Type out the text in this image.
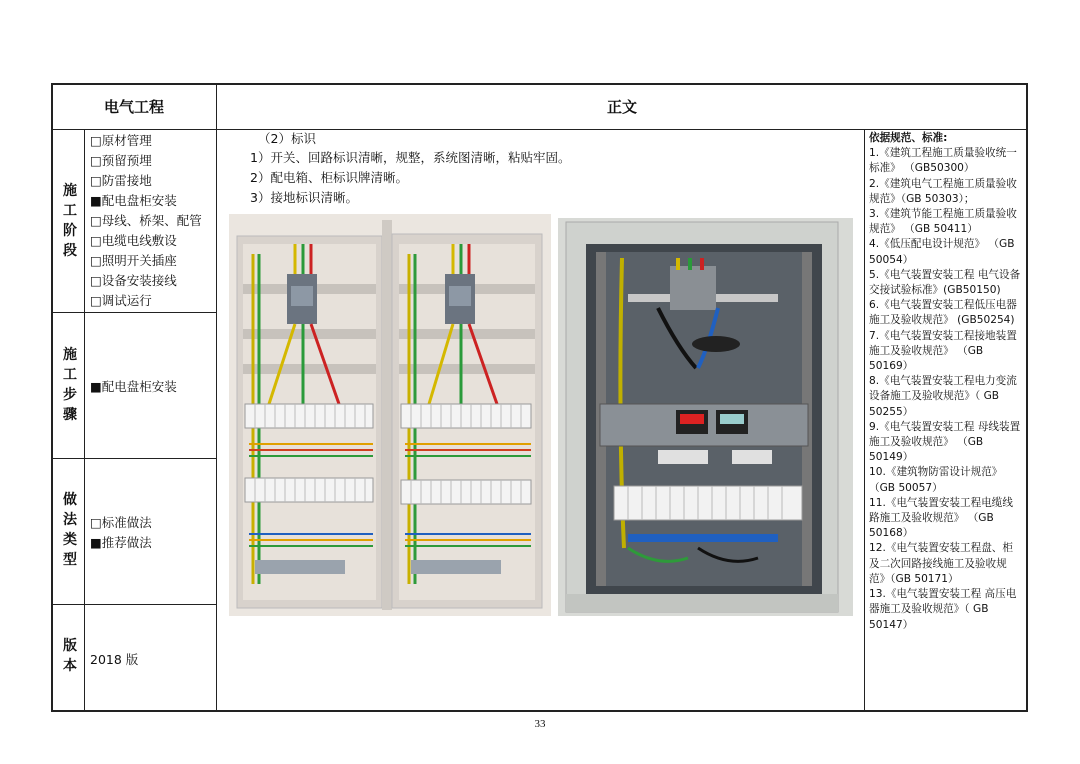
电气工程	正文
施
工
阶
段
□原材管理
□预留预埋
□防雷接地
■配电盘柜安装
□母线、桥架、配管
□电缆电线敷设
□照明开关插座
□设备安装接线
□调试运行
施
工
步
骤
■配电盘柜安装
做
法
类
型
□标准做法
■推荐做法
版
本	2018 版
（2）标识
1）开关、回路标识清晰，规整，系统图清晰，粘贴牢固。
2）配电箱、柜标识牌清晰。
3）接地标识清晰。
依据规范、标准:
1.《建筑工程施工质量验收统一标准》 （GB50300）
2.《建筑电气工程施工质量验收规范》（GB 50303）；
3.《建筑节能工程施工质量验收规范》 （GB 50411）
4.《低压配电设计规范》 （GB 50054）
5.《电气装置安装工程 电气设备交接试验标准》(GB50150)
6.《电气装置安装工程低压电器施工及验收规范》 (GB50254)
7.《电气装置安装工程接地装置施工及验收规范》 （GB 50169）
8.《电气装置安装工程电力变流设备施工及验收规范》（ GB 50255）
9.《电气装置安装工程 母线装置施工及验收规范》 （GB 50149）
10.《建筑物防雷设计规范》 （GB 50057）
11.《电气装置安装工程电缆线路施工及验收规范》 （GB 50168）
12.《电气装置安装工程盘、柜及二次回路接线施工及验收规范》（GB 50171）
13.《电气装置安装工程 高压电器施工及验收规范》（ GB 50147）
33
